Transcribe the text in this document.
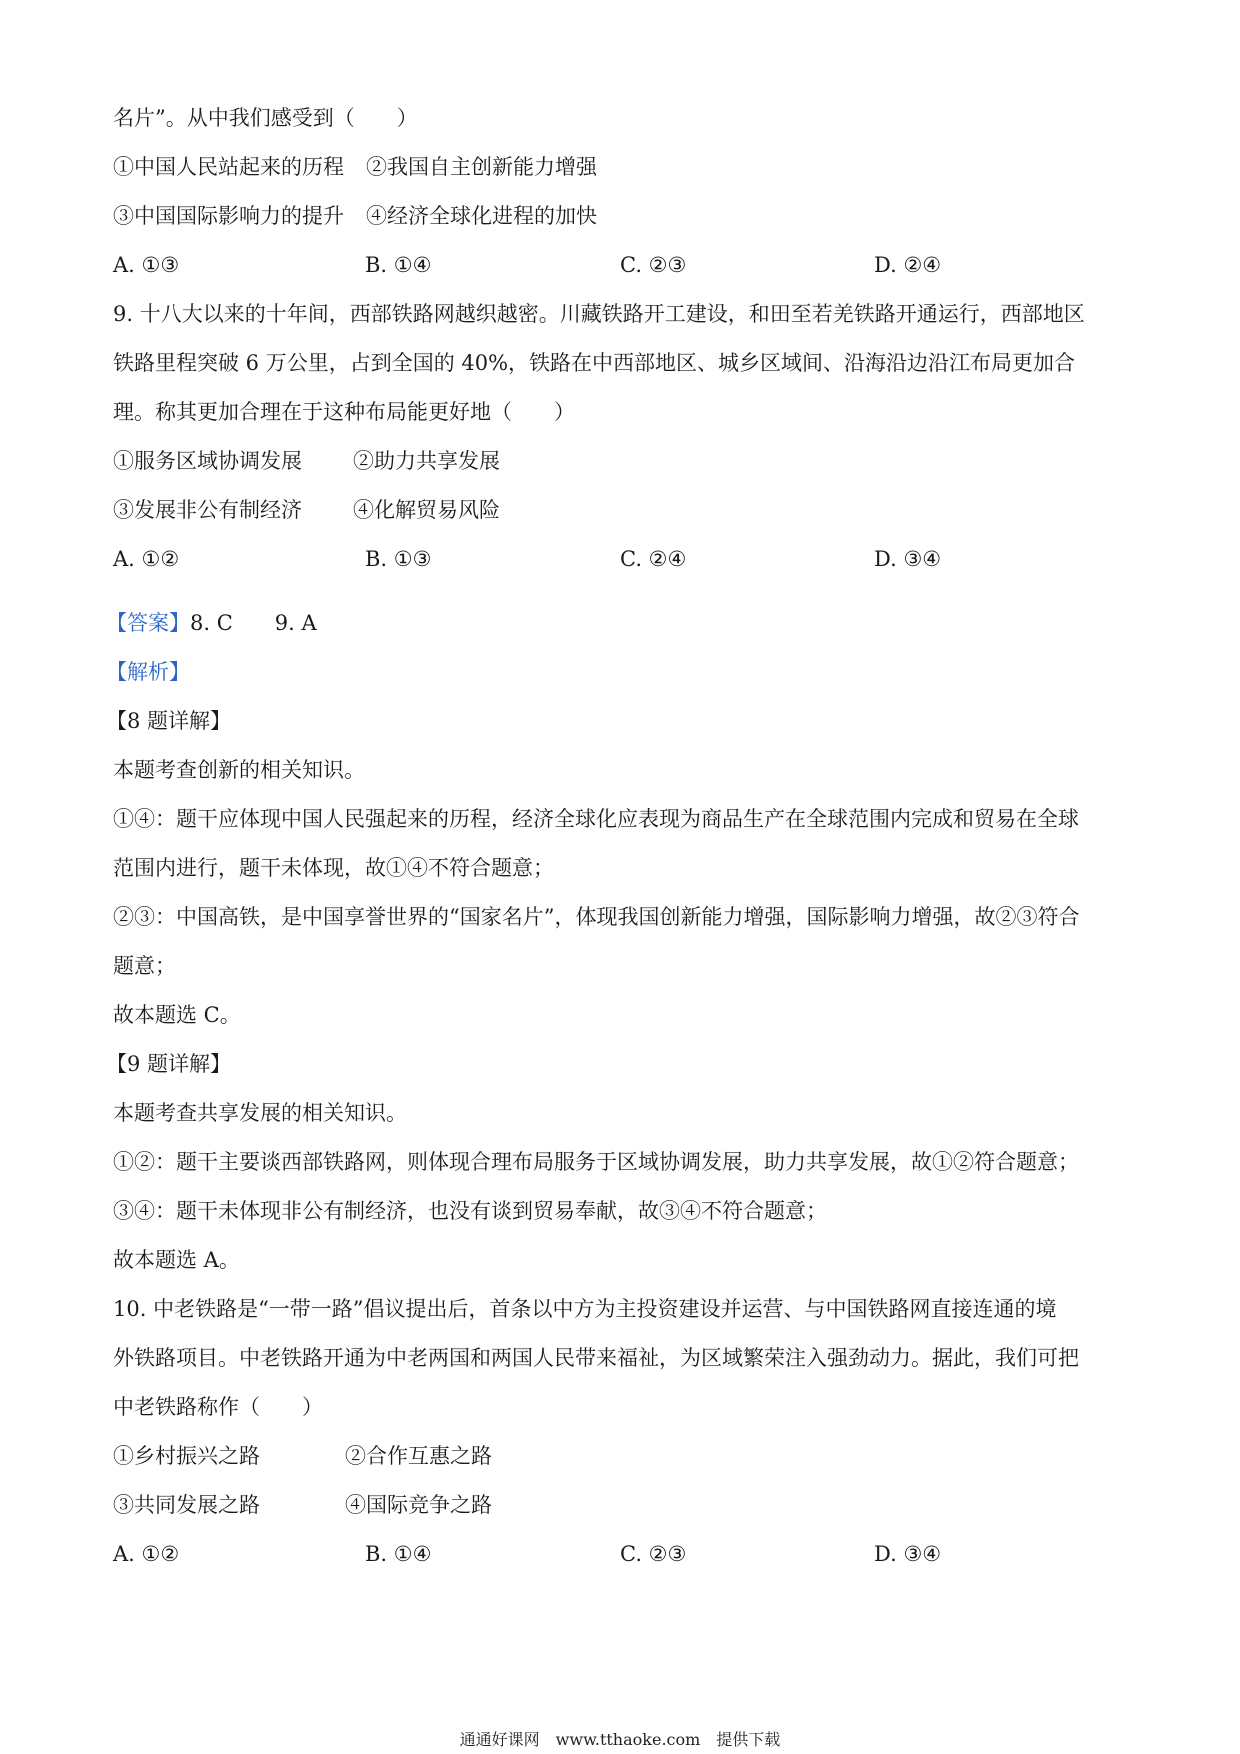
名片”。从中我们感受到（　　）
①中国人民站起来的历程 ②我国自主创新能力增强
③中国国际影响力的提升 ④经济全球化进程的加快
A. ①③	B. ①④	C. ②③	D. ②④
9. 十八大以来的十年间，西部铁路网越织越密。川藏铁路开工建设，和田至若羌铁路开通运行，西部地区
铁路里程突破 6 万公里，占到全国的 40%，铁路在中西部地区、城乡区域间、沿海沿边沿江布局更加合
理。称其更加合理在于这种布局能更好地（　　）
①服务区域协调发展 ②助力共享发展
③发展非公有制经济 ④化解贸易风险
A. ①②	B. ①③	C. ②④	D. ③④
【答案】8. C　　9. A
【解析】
【8 题详解】
本题考查创新的相关知识。
①④：题干应体现中国人民强起来的历程，经济全球化应表现为商品生产在全球范围内完成和贸易在全球
范围内进行，题干未体现，故①④不符合题意；
②③：中国高铁，是中国享誉世界的“国家名片”，体现我国创新能力增强，国际影响力增强，故②③符合
题意；
故本题选 C。
【9 题详解】
本题考查共享发展的相关知识。
①②：题干主要谈西部铁路网，则体现合理布局服务于区域协调发展，助力共享发展，故①②符合题意；
③④：题干未体现非公有制经济，也没有谈到贸易奉献，故③④不符合题意；
故本题选 A。
10. 中老铁路是“一带一路”倡议提出后，首条以中方为主投资建设并运营、与中国铁路网直接连通的境
外铁路项目。中老铁路开通为中老两国和两国人民带来福祉，为区域繁荣注入强劲动力。据此，我们可把
中老铁路称作（　　）
①乡村振兴之路	②合作互惠之路
③共同发展之路	④国际竞争之路
A. ①②	B. ①④	C. ②③	D. ③④
通通好课网　www.tthaoke.com　提供下载
